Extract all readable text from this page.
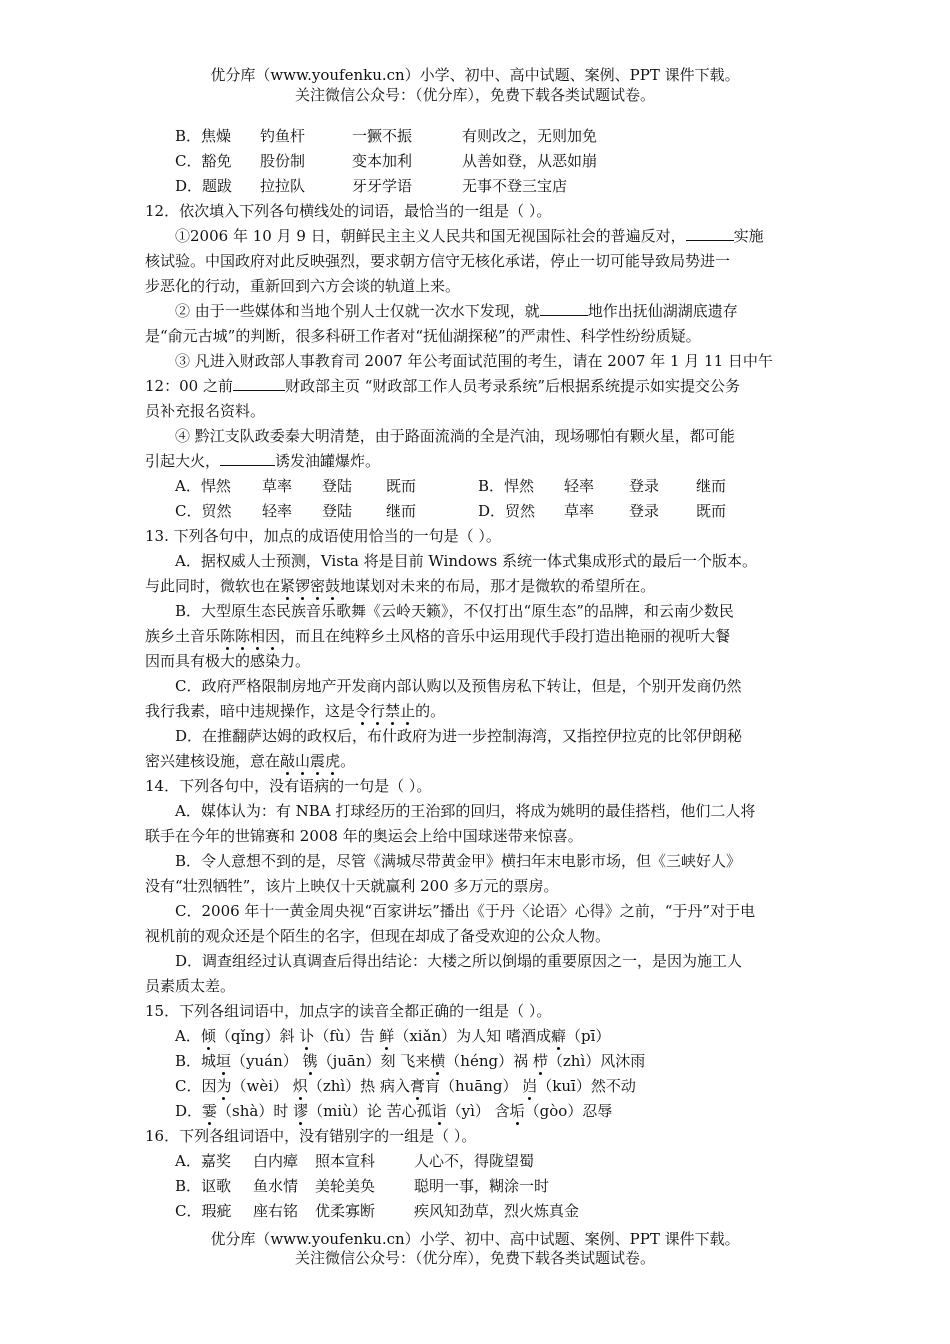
优分库（www.youfenku.cn）小学、初中、高中试题、案例、PPT 课件下载。
关注微信公众号：（优分库），免费下载各类试题试卷。
B．焦燥 钓鱼杆	一獗不振	有则改之，无则加免
C．豁免 股份制	变本加利	从善如登，从恶如崩
D．题跋 拉拉队	牙牙学语	无事不登三宝店
12．依次填入下列各句横线处的词语，最恰当的一组是（ ）。
①2006 年 10 月 9 日，朝鲜民主主义人民共和国无视国际社会的普遍反对，	实施
核试验。中国政府对此反映强烈，要求朝方信守无核化承诺，停止一切可能导致局势进一
步恶化的行动，重新回到六方会谈的轨道上来。
② 由于一些媒体和当地个别人士仅就一次水下发现，就	地作出抚仙湖湖底遗存
是“俞元古城”的判断，很多科研工作者对“抚仙湖探秘”的严肃性、科学性纷纷质疑。
③ 凡进入财政部人事教育司 2007 年公考面试范围的考生，请在 2007 年 1 月 11 日中午
12：00 之前	财政部主页 “财政部工作人员考录系统”后根据系统提示如实提交公务
员补充报名资料。
④ 黔江支队政委秦大明清楚，由于路面流淌的全是汽油，现场哪怕有颗火星，都可能
引起大火，	诱发油罐爆炸。
A．悍然 草率 登陆 既而	B．悍然 轻率 登录 继而
C．贸然 轻率 登陆 继而	D．贸然 草率 登录 既而
13. 下列各句中，加点的成语使用恰当的一句是（ ）。
A．据权威人士预测，Vista 将是目前 Windows 系统一体式集成形式的最后一个版本。
与此同时，微软也在紧锣密鼓地谋划对未来的布局，那才是微软的希望所在。
B．大型原生态民族音乐歌舞《云岭天籁》，不仅打出“原生态”的品牌，和云南少数民
族乡土音乐陈陈相因，而且在纯粹乡土风格的音乐中运用现代手段打造出艳丽的视听大餐
因而具有极大的感染力。
C．政府严格限制房地产开发商内部认购以及预售房私下转让，但是，个别开发商仍然
我行我素，暗中违规操作，这是令行禁止的。
D．在推翻萨达姆的政权后，布什政府为进一步控制海湾，又指控伊拉克的比邻伊朗秘
密兴建核设施，意在敲山震虎。
14．下列各句中，没有语病的一句是（ ）。
A．媒体认为：有 NBA 打球经历的王治郅的回归，将成为姚明的最佳搭档，他们二人将
联手在今年的世锦赛和 2008 年的奥运会上给中国球迷带来惊喜。
B．令人意想不到的是，尽管《满城尽带黄金甲》横扫年末电影市场，但《三峡好人》
没有“壮烈牺牲”，该片上映仅十天就赢利 200 多万元的票房。
C．2006 年十一黄金周央视“百家讲坛”播出《于丹〈论语〉心得》之前，“于丹”对于电
视机前的观众还是个陌生的名字，但现在却成了备受欢迎的公众人物。
D．调查组经过认真调查后得出结论：大楼之所以倒塌的重要原因之一，是因为施工人
员素质太差。
15．下列各组词语中，加点字的读音全都正确的一组是（ ）。
A．倾（qǐng）斜 讣（fù）告 鲜（xiǎn）为人知 嗜酒成癖（pī）
B．城垣（yuán） 镌（juān）刻 飞来横（héng）祸 栉（zhì）风沐雨
C．因为（wèi） 炽（zhì）热 病入膏肓（huāng） 岿（kuī）然不动
D．霎（shà）时 谬（miù）论 苦心孤诣（yì） 含垢（gòo）忍辱
16．下列各组词语中，没有错别字的一组是（ ）。
A．嘉奖 白内瘴 照本宣科	人心不，得陇望蜀
B．讴歌 鱼水情 美轮美奂	聪明一事，糊涂一时
C．瑕疵 座右铭 优柔寡断	疾风知劲草，烈火炼真金
优分库（www.youfenku.cn）小学、初中、高中试题、案例、PPT 课件下载。
关注微信公众号：（优分库），免费下载各类试题试卷。
